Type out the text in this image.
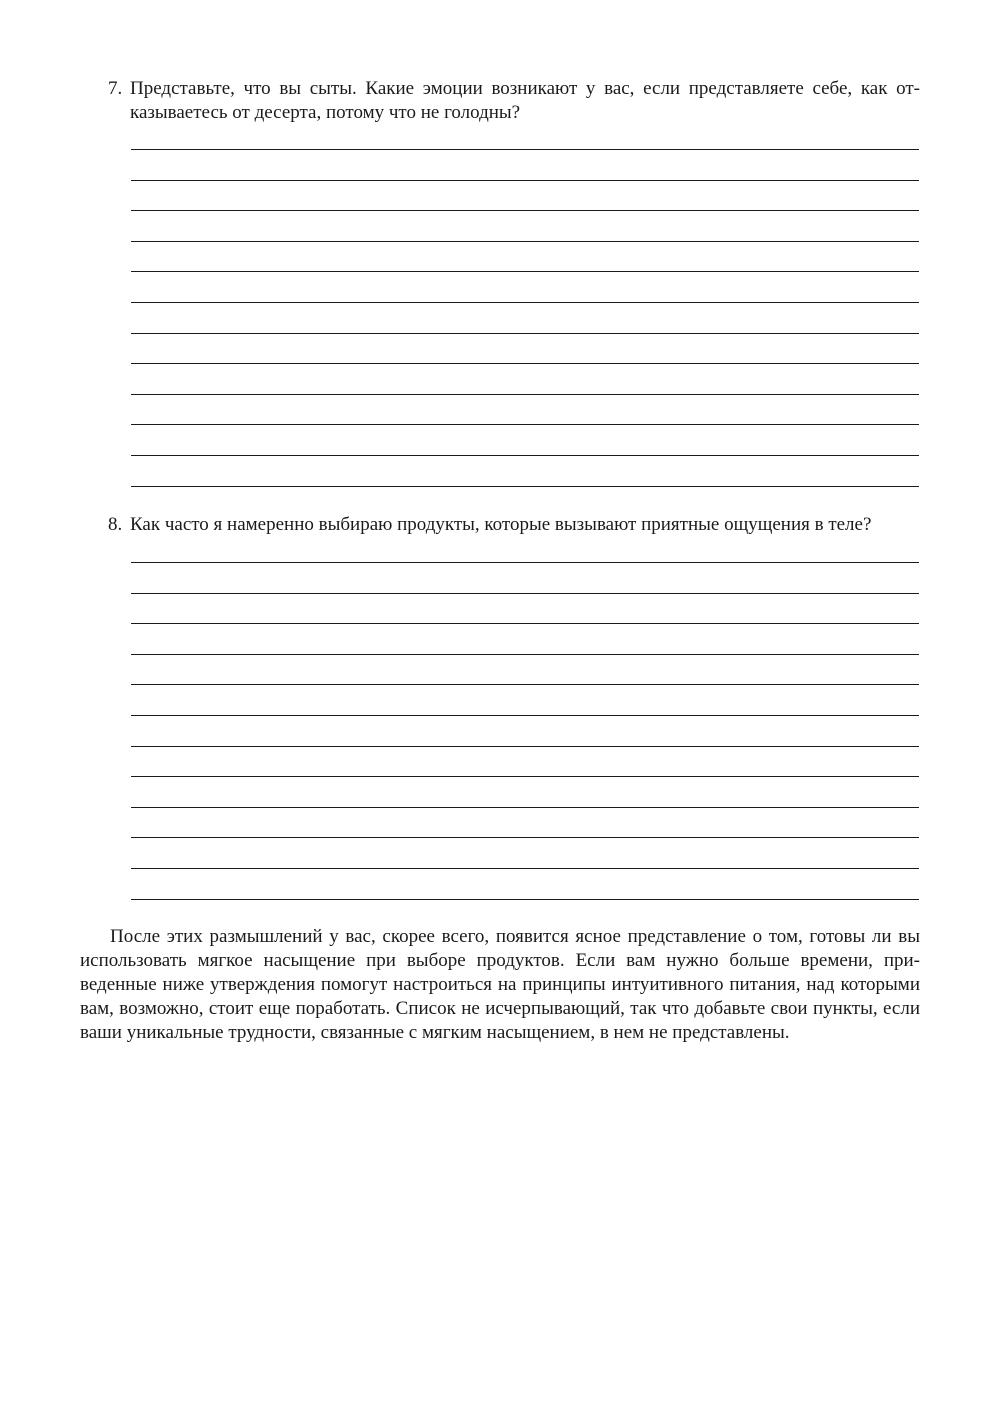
7. Представьте, что вы сыты. Какие эмоции возникают у вас, если представляете себе, как отказываетесь от десерта, потому что не голодны?
8. Как часто я намеренно выбираю продукты, которые вызывают приятные ощущения в теле?
После этих размышлений у вас, скорее всего, появится ясное представление о том, готовы ли вы использовать мягкое насыщение при выборе продуктов. Если вам нужно больше времени, приведенные ниже утверждения помогут настроиться на принципы интуитивного питания, над которыми вам, возможно, стоит еще поработать. Список не исчерпывающий, так что добавьте свои пункты, если ваши уникальные трудности, связанные с мягким насыщением, в нем не представлены.
